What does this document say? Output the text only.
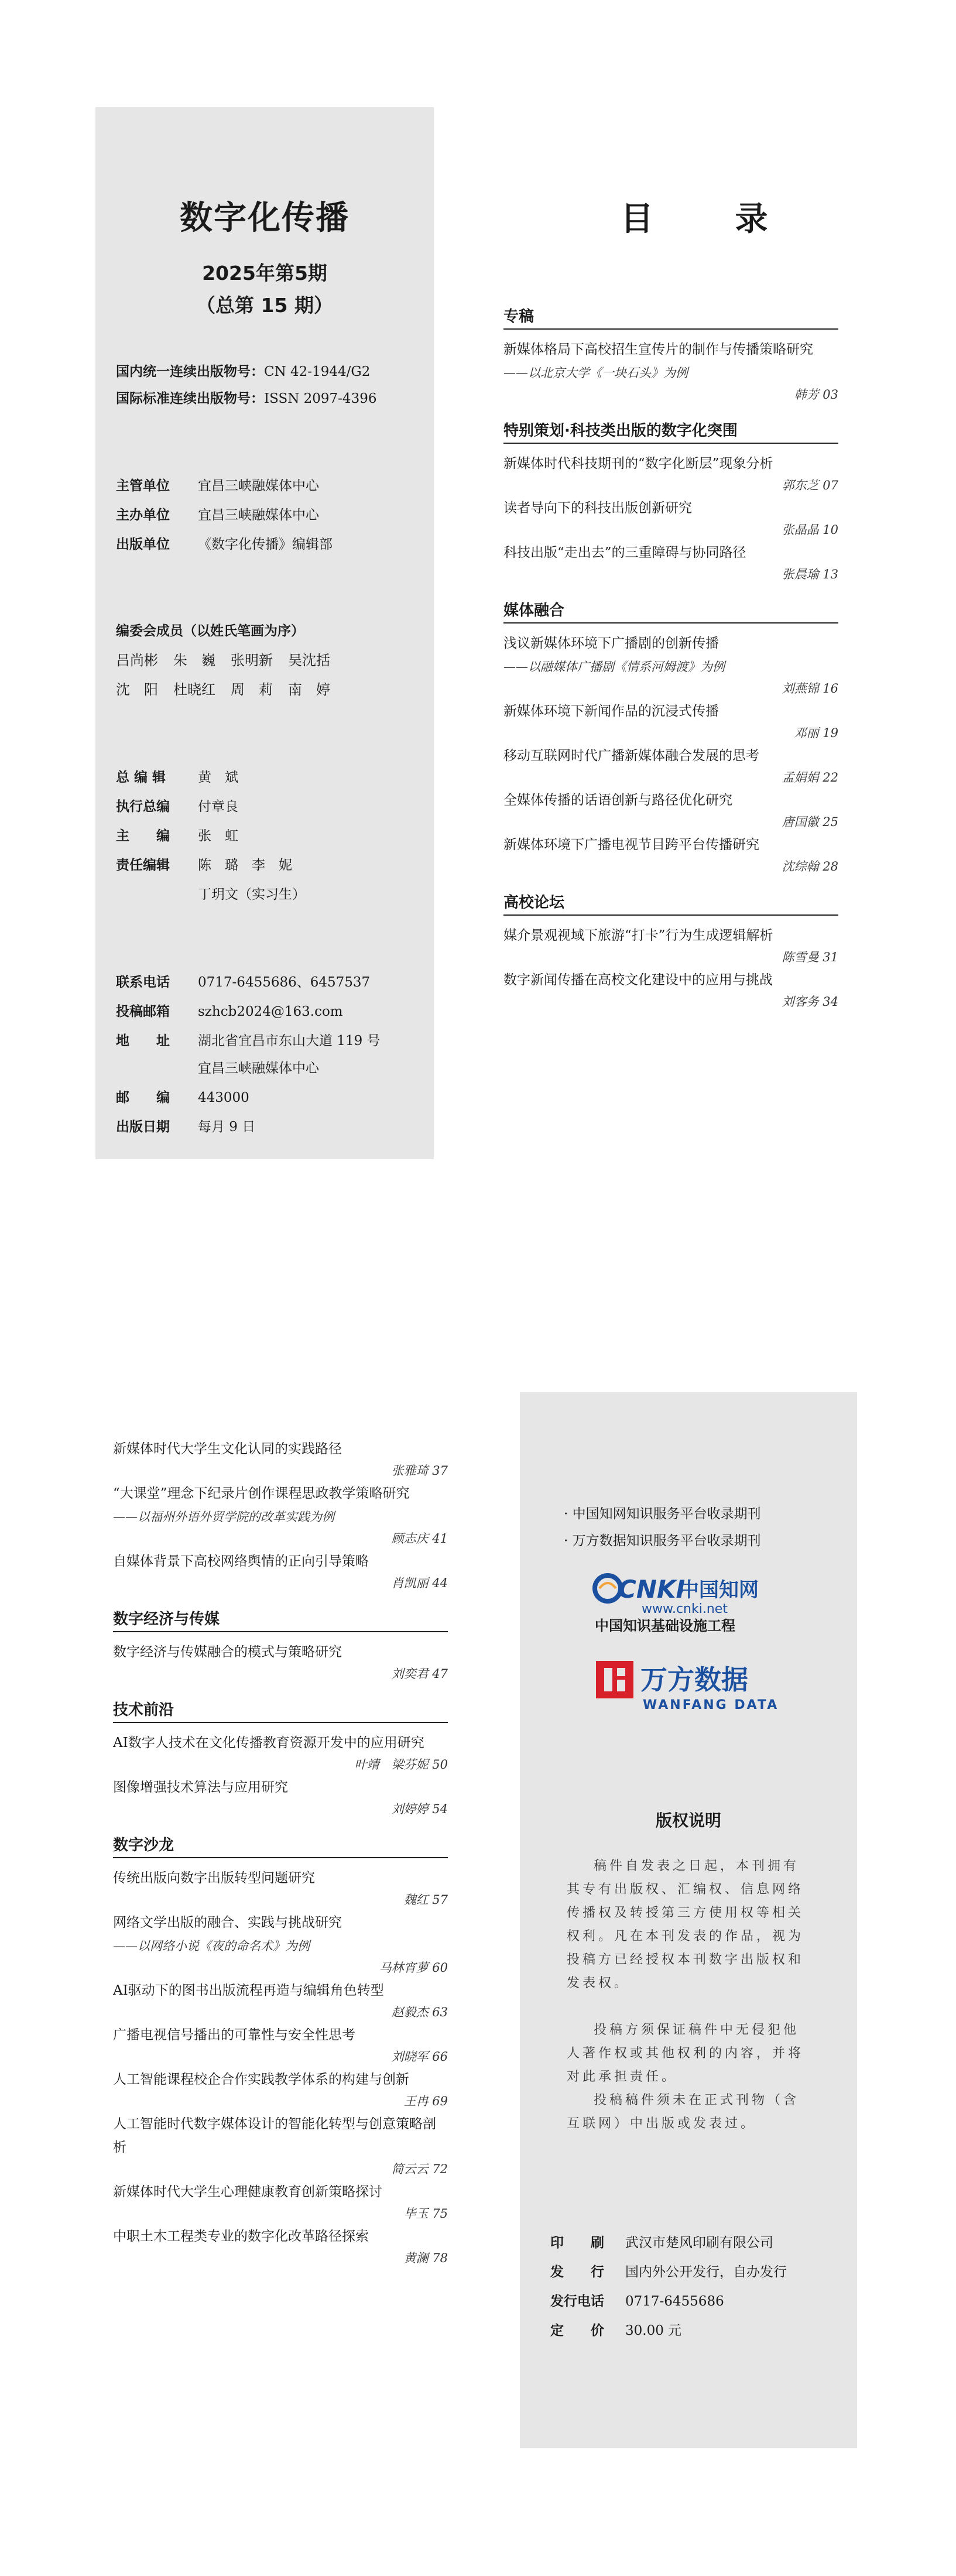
数字化传播
2025年第5期
（总第 15 期）
国内统一连续出版物号：CN 42-1944/G2
国际标准连续出版物号：ISSN 2097-4396
主管单位 宜昌三峡融媒体中心
主办单位 宜昌三峡融媒体中心
出版单位 《数字化传播》编辑部
编委会成员（以姓氏笔画为序）
吕尚彬 朱　巍 张明新 吴沈括
沈　阳 杜晓红 周　莉 南　婷
总 编 辑 黄　斌
执行总编 付章良
主　　编 张　虹
责任编辑 陈　璐　李　妮
丁玥文（实习生）
联系电话 0717-6455686、6457537
投稿邮箱 szhcb2024@163.com
地　　址 湖北省宜昌市东山大道 119 号
宜昌三峡融媒体中心
邮　　编 443000
出版日期 每月 9 日
目 录
专稿
新媒体格局下高校招生宣传片的制作与传播策略研究
——以北京大学《一块石头》为例
韩芳 03
特别策划·科技类出版的数字化突围
新媒体时代科技期刊的“数字化断层”现象分析
郭东芝 07
读者导向下的科技出版创新研究
张晶晶 10
科技出版“走出去”的三重障碍与协同路径
张晨瑜 13
媒体融合
浅议新媒体环境下广播剧的创新传播
——以融媒体广播剧《情系河姆渡》为例
刘燕锦 16
新媒体环境下新闻作品的沉浸式传播
邓丽 19
移动互联网时代广播新媒体融合发展的思考
孟娟娟 22
全媒体传播的话语创新与路径优化研究
唐国徽 25
新媒体环境下广播电视节目跨平台传播研究
沈综翰 28
高校论坛
媒介景观视域下旅游“打卡”行为生成逻辑解析
陈雪曼 31
数字新闻传播在高校文化建设中的应用与挑战
刘客务 34
新媒体时代大学生文化认同的实践路径
张雅琦 37
“大课堂”理念下纪录片创作课程思政教学策略研究
——以福州外语外贸学院的改革实践为例
顾志庆 41
自媒体背景下高校网络舆情的正向引导策略
肖凯丽 44
数字经济与传媒
数字经济与传媒融合的模式与策略研究
刘奕君 47
技术前沿
AI数字人技术在文化传播教育资源开发中的应用研究
叶靖　梁芬妮 50
图像增强技术算法与应用研究
刘婷婷 54
数字沙龙
传统出版向数字出版转型问题研究
魏红 57
网络文学出版的融合、实践与挑战研究
——以网络小说《夜的命名术》为例
马林宵萝 60
AI驱动下的图书出版流程再造与编辑角色转型
赵毅杰 63
广播电视信号播出的可靠性与安全性思考
刘晓军 66
人工智能课程校企合作实践教学体系的构建与创新
王冉 69
人工智能时代数字媒体设计的智能化转型与创意策略剖析
简云云 72
新媒体时代大学生心理健康教育创新策略探讨
毕玉 75
中职土木工程类专业的数字化改革路径探索
黄澜 78
· 中国知网知识服务平台收录期刊
· 万方数据知识服务平台收录期刊
CNKI
中国知网
www.cnki.net
中国知识基础设施工程
万方数据
WANFANG DATA
版权说明
稿件自发表之日起，本刊拥有其专有出版权、汇编权、信息网络传播权及转授第三方使用权等相关权利。凡在本刊发表的作品，视为投稿方已经授权本刊数字出版权和发表权。
投稿方须保证稿件中无侵犯他人著作权或其他权利的内容，并将对此承担责任。
投稿稿件须未在正式刊物（含互联网）中出版或发表过。
印　　刷 武汉市楚风印刷有限公司
发　　行 国内外公开发行，自办发行
发行电话 0717-6455686
定　　价 30.00 元
